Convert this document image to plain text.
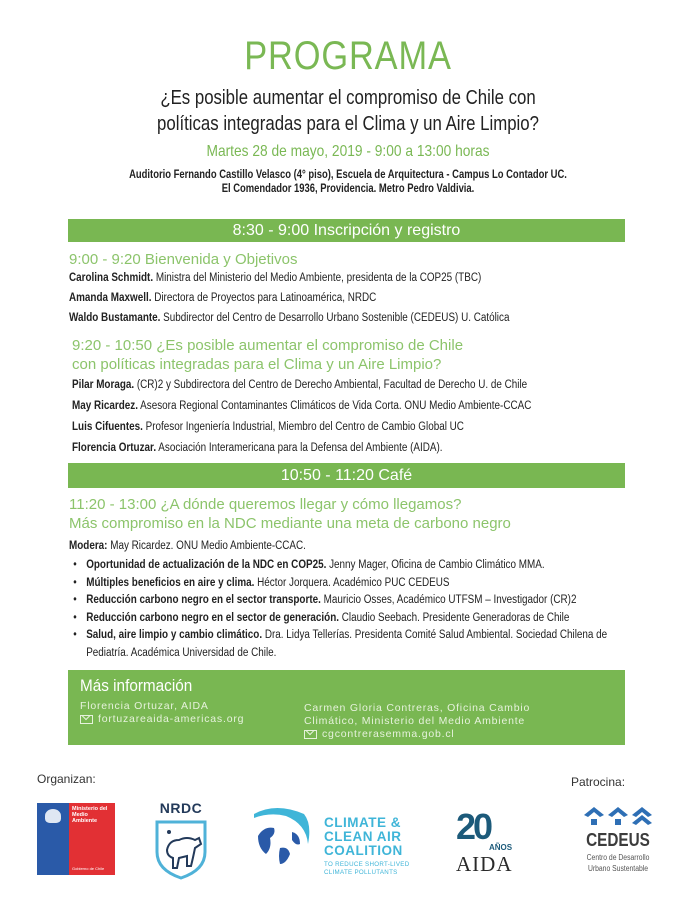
PROGRAMA
¿Es posible aumentar el compromiso de Chile con
políticas integradas para el Clima y un Aire Limpio?
Martes 28 de mayo, 2019 - 9:00 a 13:00 horas
Auditorio Fernando Castillo Velasco (4° piso), Escuela de Arquitectura - Campus Lo Contador UC.
El Comendador 1936, Providencia. Metro Pedro Valdivia.
8:30 - 9:00 Inscripción y registro
9:00 - 9:20 Bienvenida y Objetivos
Carolina Schmidt. Ministra del Ministerio del Medio Ambiente, presidenta de la COP25 (TBC)
Amanda Maxwell. Directora de Proyectos para Latinoamérica, NRDC
Waldo Bustamante. Subdirector del Centro de Desarrollo Urbano Sostenible (CEDEUS) U. Católica
9:20 - 10:50 ¿Es posible aumentar el compromiso de Chile
con políticas integradas para el Clima y un Aire Limpio?
Pilar Moraga. (CR)2 y Subdirectora del Centro de Derecho Ambiental, Facultad de Derecho U. de Chile
May Ricardez. Asesora Regional Contaminantes Climáticos de Vida Corta. ONU Medio Ambiente-CCAC
Luis Cifuentes. Profesor Ingeniería Industrial, Miembro del Centro de Cambio Global UC
Florencia Ortuzar. Asociación Interamericana para la Defensa del Ambiente (AIDA).
10:50 - 11:20 Café
11:20 - 13:00 ¿A dónde queremos llegar y cómo llegamos?
Más compromiso en la NDC mediante una meta de carbono negro
Modera: May Ricardez. ONU Medio Ambiente-CCAC.
• Oportunidad de actualización de la NDC en COP25. Jenny Mager, Oficina de Cambio Climático MMA.
• Múltiples beneficios en aire y clima. Héctor Jorquera. Académico PUC CEDEUS
• Reducción carbono negro en el sector transporte. Mauricio Osses, Académico UTFSM – Investigador (CR)2
• Reducción carbono negro en el sector de generación. Claudio Seebach. Presidente Generadoras de Chile
• Salud, aire limpio y cambio climático. Dra. Lidya Tellerías. Presidenta Comité Salud Ambiental. Sociedad Chilena de Pediatría. Académica Universidad de Chile.
Más información
Florencia Ortuzar, AIDA
fortuzareaida-americas.org
Carmen Gloria Contreras, Oficina Cambio
Climático, Ministerio del Medio Ambiente
cgcontrerasemma.gob.cl
Organizan:	Patrocina:
Ministerio del
Medio
Ambiente
Gobierno de Chile
NRDC
CLIMATE &
CLEAN AIR
COALITION
TO REDUCE SHORT-LIVED
CLIMATE POLLUTANTS
20
AÑOS
AIDA
CEDEUS
Centro de Desarrollo
Urbano Sustentable
